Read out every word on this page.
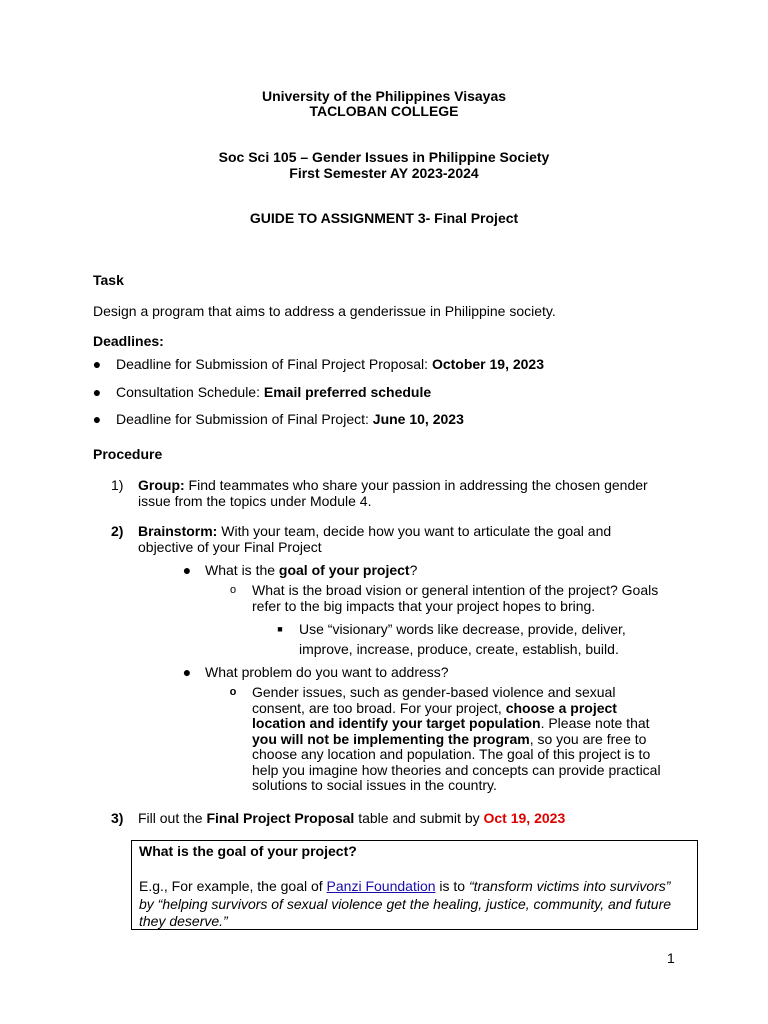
University of the Philippines Visayas
TACLOBAN COLLEGE
Soc Sci 105 – Gender Issues in Philippine Society
First Semester AY 2023-2024
GUIDE TO ASSIGNMENT 3- Final Project
Task
Design a program that aims to address a genderissue in Philippine society.
Deadlines:
● Deadline for Submission of Final Project Proposal: October 19, 2023
● Consultation Schedule: Email preferred schedule
● Deadline for Submission of Final Project: June 10, 2023
Procedure
1) Group: Find teammates who share your passion in addressing the chosen gender
issue from the topics under Module 4.
2) Brainstorm: With your team, decide how you want to articulate the goal and
objective of your Final Project
● What is the goal of your project?
o What is the broad vision or general intention of the project? Goals
refer to the big impacts that your project hopes to bring.
■ Use “visionary” words like decrease, provide, deliver,
improve, increase, produce, create, establish, build.
● What problem do you want to address?
o Gender issues, such as gender-based violence and sexual
consent, are too broad. For your project, choose a project
location and identify your target population. Please note that
you will not be implementing the program, so you are free to
choose any location and population. The goal of this project is to
help you imagine how theories and concepts can provide practical
solutions to social issues in the country.
3) Fill out the Final Project Proposal table and submit by Oct 19, 2023
What is the goal of your project?
E.g., For example, the goal of Panzi Foundation is to “transform victims into survivors”
by “helping survivors of sexual violence get the healing, justice, community, and future
they deserve.”
1
